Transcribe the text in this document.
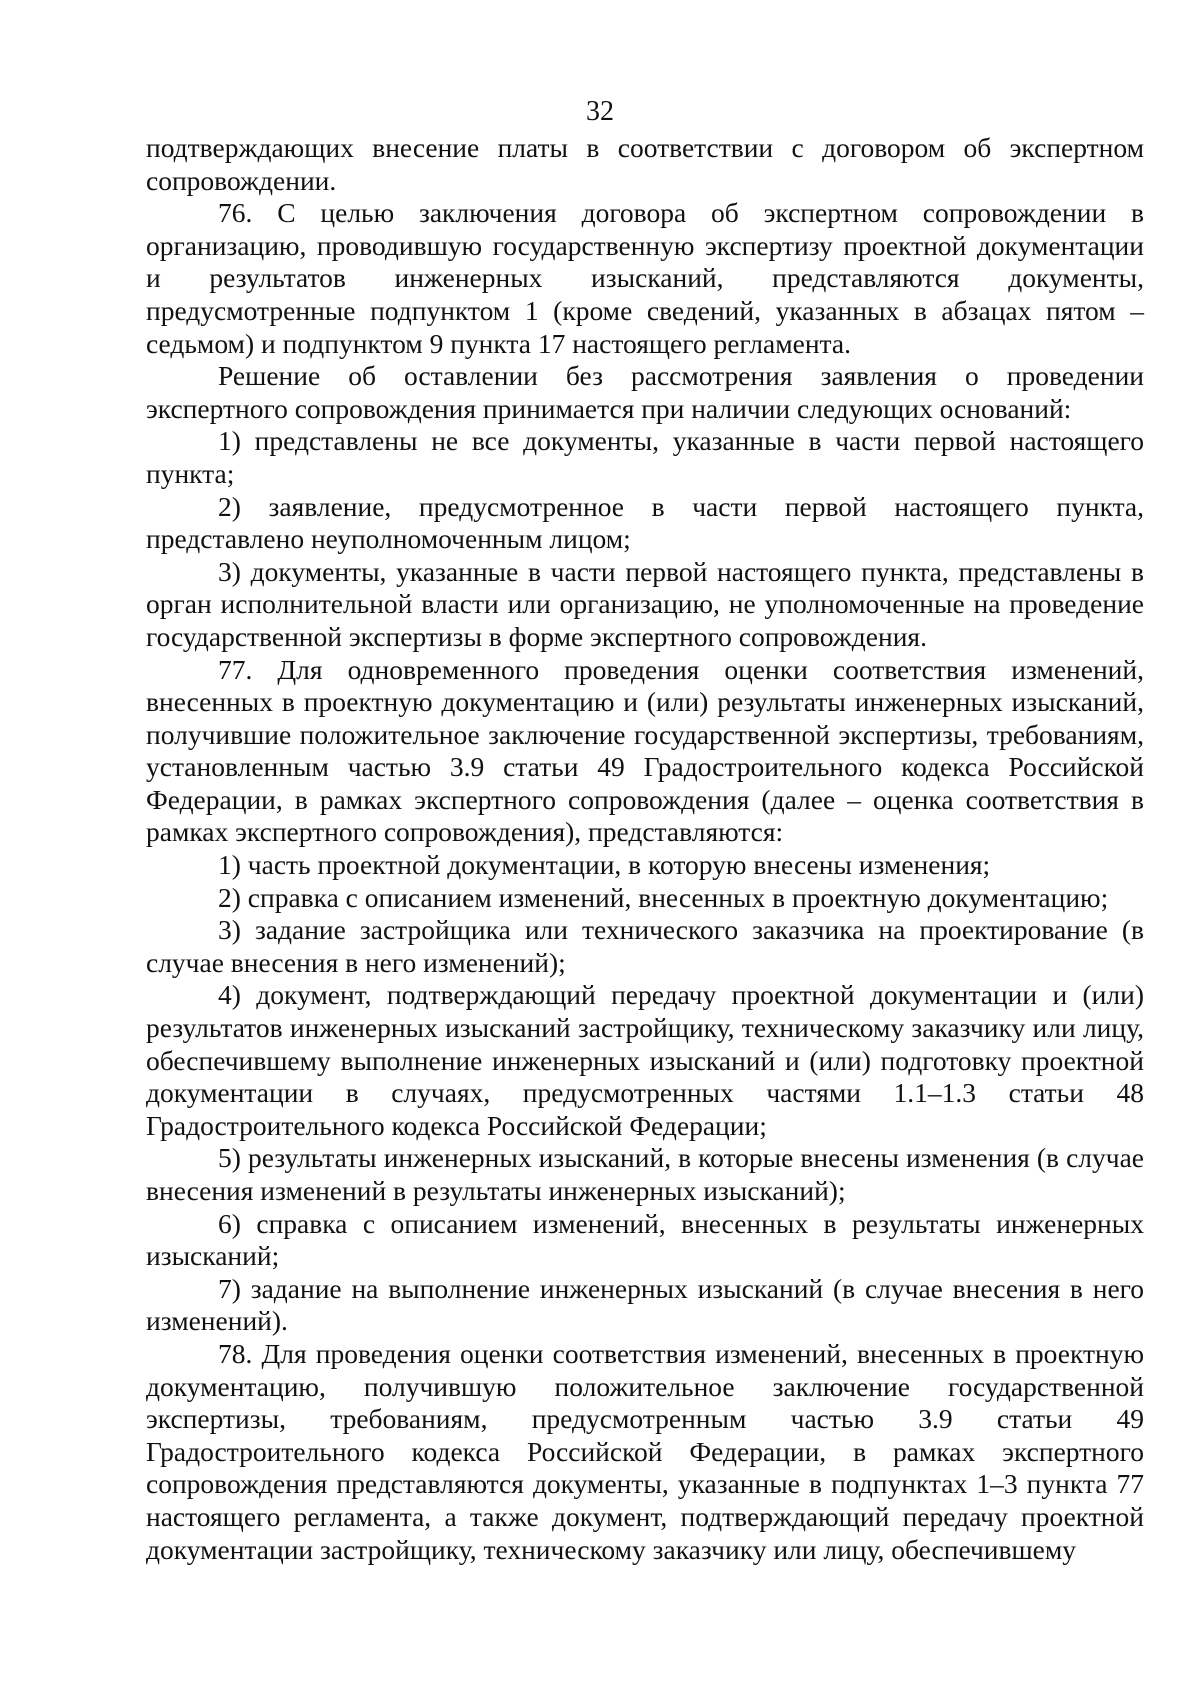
32

подтверждающих внесение платы в соответствии с договором об экспертном сопровождении.

76. С целью заключения договора об экспертном сопровождении в организацию, проводившую государственную экспертизу проектной документации и результатов инженерных изысканий, представляются документы, предусмотренные подпунктом 1 (кроме сведений, указанных в абзацах пятом – седьмом) и подпунктом 9 пункта 17 настоящего регламента.

Решение об оставлении без рассмотрения заявления о проведении экспертного сопровождения принимается при наличии следующих оснований:

1) представлены не все документы, указанные в части первой настоящего пункта;

2) заявление, предусмотренное в части первой настоящего пункта, представлено неуполномоченным лицом;

3) документы, указанные в части первой настоящего пункта, представлены в орган исполнительной власти или организацию, не уполномоченные на проведение государственной экспертизы в форме экспертного сопровождения.

77. Для одновременного проведения оценки соответствия изменений, внесенных в проектную документацию и (или) результаты инженерных изысканий, получившие положительное заключение государственной экспертизы, требованиям, установленным частью 3.9 статьи 49 Градостроительного кодекса Российской Федерации, в рамках экспертного сопровождения (далее – оценка соответствия в рамках экспертного сопровождения), представляются:

1) часть проектной документации, в которую внесены изменения;

2) справка с описанием изменений, внесенных в проектную документацию;

3) задание застройщика или технического заказчика на проектирование (в случае внесения в него изменений);

4) документ, подтверждающий передачу проектной документации и (или) результатов инженерных изысканий застройщику, техническому заказчику или лицу, обеспечившему выполнение инженерных изысканий и (или) подготовку проектной документации в случаях, предусмотренных частями 1.1–1.3 статьи 48 Градостроительного кодекса Российской Федерации;

5) результаты инженерных изысканий, в которые внесены изменения (в случае внесения изменений в результаты инженерных изысканий);

6) справка с описанием изменений, внесенных в результаты инженерных изысканий;

7) задание на выполнение инженерных изысканий (в случае внесения в него изменений).

78. Для проведения оценки соответствия изменений, внесенных в проектную документацию, получившую положительное заключение государственной экспертизы, требованиям, предусмотренным частью 3.9 статьи 49 Градостроительного кодекса Российской Федерации, в рамках экспертного сопровождения представляются документы, указанные в подпунктах 1–3 пункта 77 настоящего регламента, а также документ, подтверждающий передачу проектной документации застройщику, техническому заказчику или лицу, обеспечившему
